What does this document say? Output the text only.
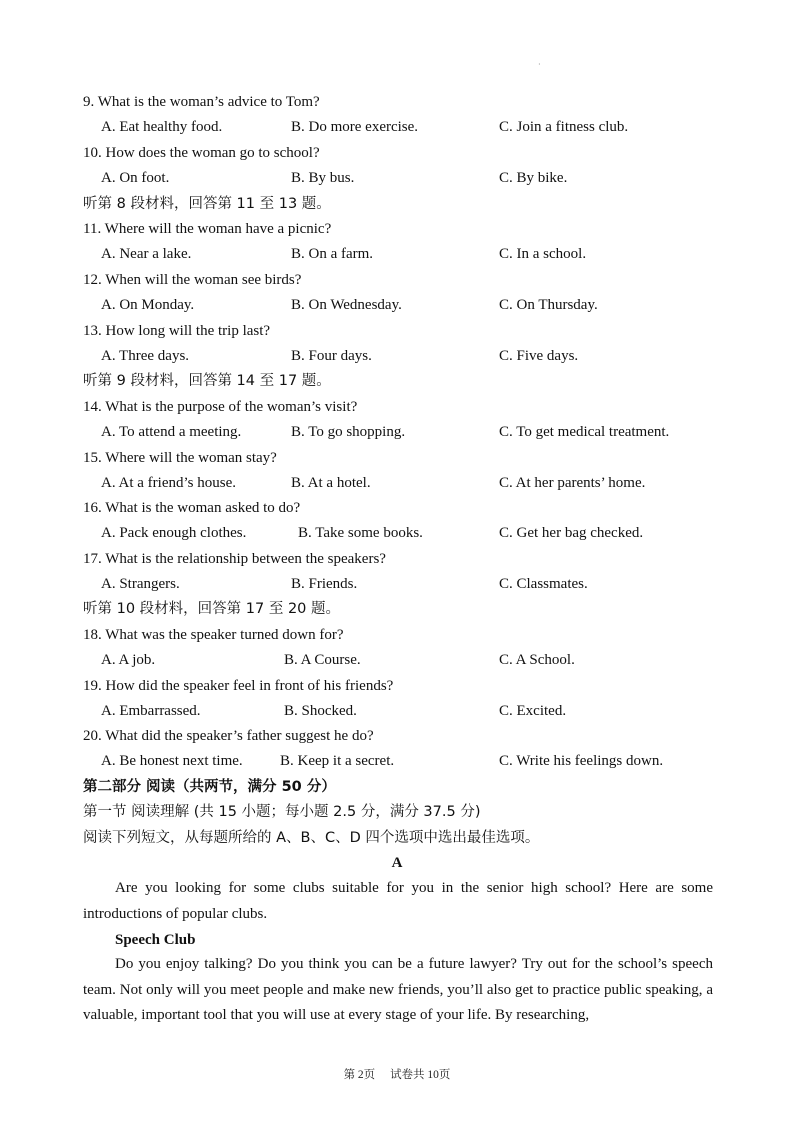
·
9. What is the woman’s advice to Tom?
A. Eat healthy food.	B. Do more exercise.	C. Join a fitness club.
10. How does the woman go to school?
A. On foot.	B. By bus.	C. By bike.
听第 8 段材料，回答第 11 至 13 题。
11. Where will the woman have a picnic?
A. Near a lake.	B. On a farm.	C. In a school.
12. When will the woman see birds?
A. On Monday.	B. On Wednesday.	C. On Thursday.
13. How long will the trip last?
A. Three days.	B. Four days.	C. Five days.
听第 9 段材料，回答第 14 至 17 题。
14. What is the purpose of the woman’s visit?
A. To attend a meeting.	B. To go shopping.	C. To get medical treatment.
15. Where will the woman stay?
A. At a friend’s house.	B. At a hotel.	C. At her parents’ home.
16. What is the woman asked to do?
A. Pack enough clothes.	B. Take some books.	C. Get her bag checked.
17. What is the relationship between the speakers?
A. Strangers.	B. Friends.	C. Classmates.
听第 10 段材料，回答第 17 至 20 题。
18. What was the speaker turned down for?
A. A job.	B. A Course.	C. A School.
19. How did the speaker feel in front of his friends?
A. Embarrassed.	B. Shocked.	C. Excited.
20. What did the speaker’s father suggest he do?
A. Be honest next time. B. Keep it a secret.	C. Write his feelings down.
第二部分 阅读（共两节，满分 50 分）
第一节 阅读理解 (共 15 小题；每小题 2.5 分，满分 37.5 分)
阅读下列短文，从每题所给的 A、B、C、D 四个选项中选出最佳选项。
A
Are you looking for some clubs suitable for you in the senior high school? Here are some introductions of popular clubs.
Speech Club
Do you enjoy talking? Do you think you can be a future lawyer? Try out for the school’s speech team. Not only will you meet people and make new friends, you’ll also get to practice public speaking, a valuable, important tool that you will use at every stage of your life. By researching,
第 2页 试卷共 10页
